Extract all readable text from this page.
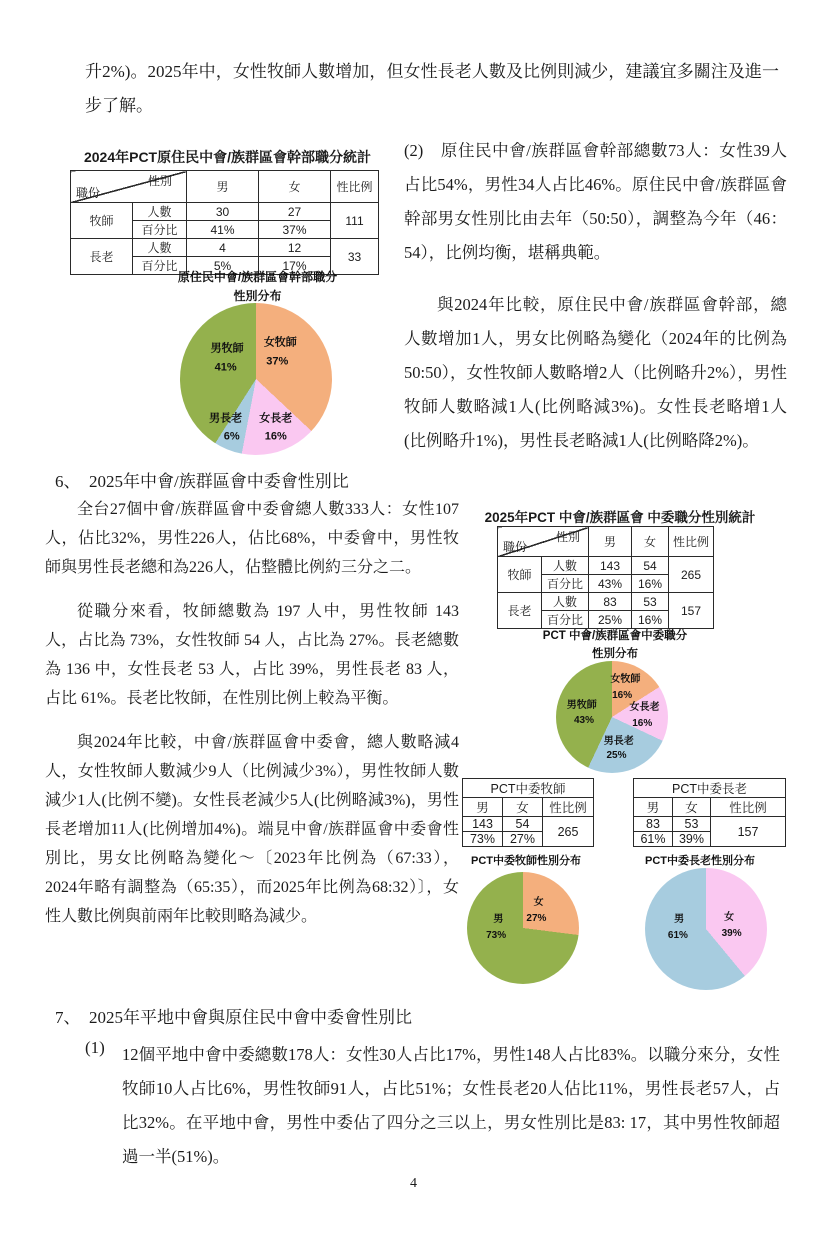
升2%)。2025年中，女性牧師人數增加，但女性長老人數及比例則減少，建議宜多關注及進一步了解。
2024年PCT原住民中會/族群區會幹部職分統計
性別
職份		男	女	性比例
牧師	人數	30	27	111
	百分比	41%	37%	
長老	人數	4	12	33
	百分比	5%	17%	
原住民中會/族群區會幹部職分
性別分布
女牧師
37%
男牧師
41%
男長老
6%
女長老
16%
(2)　原住民中會/族群區會幹部總數73人：女性39人占比54%，男性34人占比46%。原住民中會/族群區會幹部男女性別比由去年（50:50），調整為今年（46：54），比例均衡，堪稱典範。
與2024年比較，原住民中會/族群區會幹部，總人數增加1人，男女比例略為變化（2024年的比例為50:50），女性牧師人數略增2人（比例略升2%），男性牧師人數略減1人(比例略減3%)。女性長老略增1人(比例略升1%)，男性長老略減1人(比例略降2%)。
6、　 2025年中會/族群區會中委會性別比
全台27個中會/族群區會中委會總人數333人：女性107人，佔比32%，男性226人，佔比68%，中委會中，男性牧師與男性長老總和為226人，佔整體比例約三分之二。
從職分來看，牧師總數為 197 人中，男性牧師 143 人，占比為 73%，女性牧師 54 人，占比為 27%。長老總數為 136 中，女性長老 53 人，占比 39%，男性長老 83 人，占比 61%。長老比牧師，在性別比例上較為平衡。
與2024年比較，中會/族群區會中委會，總人數略減4人，女性牧師人數減少9人（比例減少3%），男性牧師人數減少1人(比例不變)。女性長老減少5人(比例略減3%)，男性長老增加11人(比例增加4%)。端見中會/族群區會中委會性別比，男女比例略為變化～〔2023年比例為（67:33）， 2024年略有調整為（65:35），而2025年比例為68:32）〕，女性人數比例與前兩年比較則略為減少。
2025年PCT 中會/族群區會 中委職分性別統計
性別
職份		男	女	性比例
牧師	人數	143	54	265
	百分比	43%	16%	
長老	人數	83	53	157
	百分比	25%	16%	
PCT 中會/族群區會中委職分
性別分布
女牧師
16%
女長老
16%
男長老
25%
男牧師
43%
PCT中委牧師		
男	女	性比例
143	54	265
73%	27%	
PCT中委長老		
男	女	性比例
83	53	157
61%	39%	
PCT中委牧師性別分布	PCT中委長老性別分布
女
27%
男
73%
女
39%
男
61%
7、　 2025年平地中會與原住民中會中委會性別比
(1) 12個平地中會中委總數178人：女性30人占比17%，男性148人占比83%。以職分來分，女性牧師10人占比6%，男性牧師91人，占比51%；女性長老20人佔比11%，男性長老57人，占比32%。在平地中會，男性中委佔了四分之三以上，男女性別比是83: 17，其中男性牧師超過一半(51%)。
4
